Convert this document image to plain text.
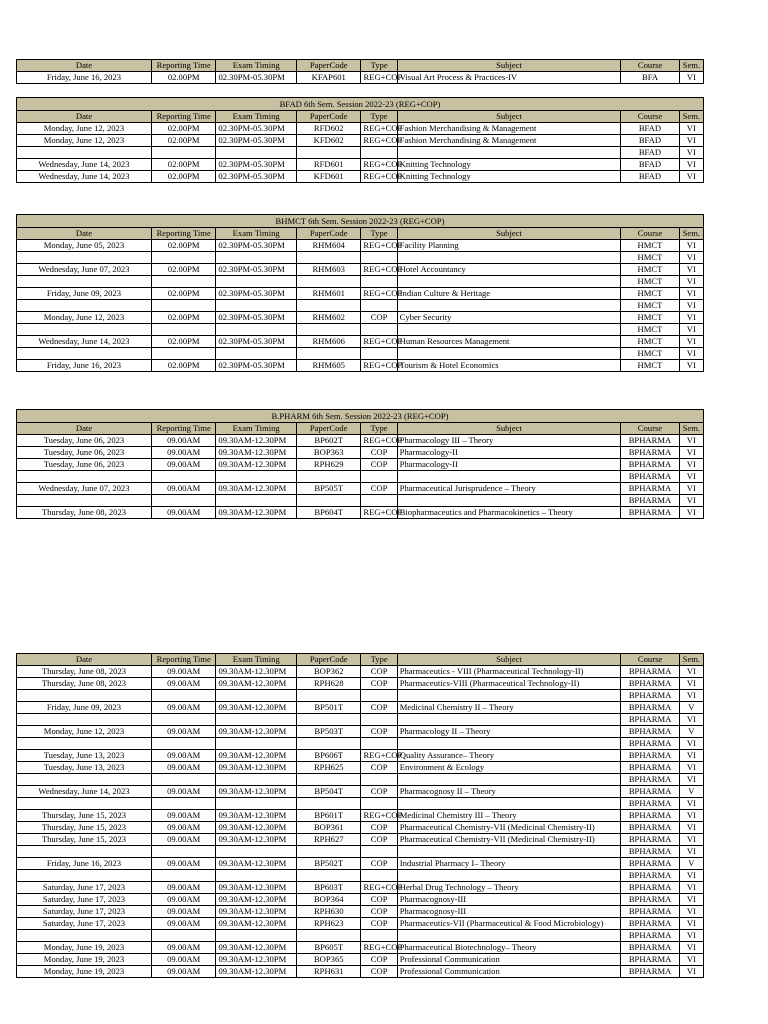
Date	Reporting Time	Exam Timing	PaperCode	Type	Subject	Course	Sem.
Friday, June 16, 2023	02.00PM	02.30PM-05.30PM	KFAP601	REG+COP	Visual Art Process & Practices-IV	BFA	VI
BFAD 6th Sem. Session 2022-23 (REG+COP)							
Date	Reporting Time	Exam Timing	PaperCode	Type	Subject	Course	Sem.
Monday, June 12, 2023	02.00PM	02.30PM-05.30PM	RFD602	REG+COP	Fashion Merchandising & Management	BFAD	VI
Monday, June 12, 2023	02.00PM	02.30PM-05.30PM	KFD602	REG+COP	Fashion Merchandising & Management	BFAD	VI
						BFAD	VI
Wednesday, June 14, 2023	02.00PM	02.30PM-05.30PM	RFD601	REG+COP	Knitting Technology	BFAD	VI
Wednesday, June 14, 2023	02.00PM	02.30PM-05.30PM	KFD601	REG+COP	Knitting Technology	BFAD	VI
BHMCT 6th Sem. Session 2022-23 (REG+COP)							
Date	Reporting Time	Exam Timing	PaperCode	Type	Subject	Course	Sem.
Monday, June 05, 2023	02.00PM	02.30PM-05.30PM	RHM604	REG+COP	Facility Planning	HMCT	VI
						HMCT	VI
Wednesday, June 07, 2023	02.00PM	02.30PM-05.30PM	RHM603	REG+COP	Hotel Accountancy	HMCT	VI
						HMCT	VI
Friday, June 09, 2023	02.00PM	02.30PM-05.30PM	RHM601	REG+COP	Indian Culture & Heritage	HMCT	VI
						HMCT	VI
Monday, June 12, 2023	02.00PM	02.30PM-05.30PM	RHM602	COP	Cyber Security	HMCT	VI
						HMCT	VI
Wednesday, June 14, 2023	02.00PM	02.30PM-05.30PM	RHM606	REG+COP	Human Resources Management	HMCT	VI
						HMCT	VI
Friday, June 16, 2023	02.00PM	02.30PM-05.30PM	RHM605	REG+COP	Tourism & Hotel Economics	HMCT	VI
B.PHARM 6th Sem. Session 2022-23 (REG+COP)							
Date	Reporting Time	Exam Timing	PaperCode	Type	Subject	Course	Sem.
Tuesday, June 06, 2023	09.00AM	09.30AM-12.30PM	BP602T	REG+COP	Pharmacology III – Theory	BPHARMA	VI
Tuesday, June 06, 2023	09.00AM	09.30AM-12.30PM	BOP363	COP	Pharmacology-II	BPHARMA	VI
Tuesday, June 06, 2023	09.00AM	09.30AM-12.30PM	RPH629	COP	Pharmacology-II	BPHARMA	VI
						BPHARMA	VI
Wednesday, June 07, 2023	09.00AM	09.30AM-12.30PM	BP505T	COP	Pharmaceutical Jurisprudence – Theory	BPHARMA	VI
						BPHARMA	VI
Thursday, June 08, 2023	09.00AM	09.30AM-12.30PM	BP604T	REG+COP	Biopharmaceutics and Pharmacokinetics – Theory	BPHARMA	VI
Date	Reporting Time	Exam Timing	PaperCode	Type	Subject	Course	Sem.
Thursday, June 08, 2023	09.00AM	09.30AM-12.30PM	BOP362	COP	Pharmaceutics - VIII (Pharmaceutical Technology-II)	BPHARMA	VI
Thursday, June 08, 2023	09.00AM	09.30AM-12.30PM	RPH628	COP	Pharmaceutics-VIII (Pharmaceutical Technology-II)	BPHARMA	VI
						BPHARMA	VI
Friday, June 09, 2023	09.00AM	09.30AM-12.30PM	BP501T	COP	Medicinal Chemistry II – Theory	BPHARMA	V
						BPHARMA	VI
Monday, June 12, 2023	09.00AM	09.30AM-12.30PM	BP503T	COP	Pharmacology II – Theory	BPHARMA	V
						BPHARMA	VI
Tuesday, June 13, 2023	09.00AM	09.30AM-12.30PM	BP606T	REG+COP	Quality Assurance– Theory	BPHARMA	VI
Tuesday, June 13, 2023	09.00AM	09.30AM-12.30PM	RPH625	COP	Environment & Ecology	BPHARMA	VI
						BPHARMA	VI
Wednesday, June 14, 2023	09.00AM	09.30AM-12.30PM	BP504T	COP	Pharmacognosy II – Theory	BPHARMA	V
						BPHARMA	VI
Thursday, June 15, 2023	09.00AM	09.30AM-12.30PM	BP601T	REG+COP	Medicinal Chemistry III – Theory	BPHARMA	VI
Thursday, June 15, 2023	09.00AM	09.30AM-12.30PM	BOP361	COP	Pharmaceutical Chemistry-VII (Medicinal Chemistry-II)	BPHARMA	VI
Thursday, June 15, 2023	09.00AM	09.30AM-12.30PM	RPH627	COP	Pharmaceutical Chemistry-VII (Medicinal Chemistry-II)	BPHARMA	VI
						BPHARMA	VI
Friday, June 16, 2023	09.00AM	09.30AM-12.30PM	BP502T	COP	Industrial Pharmacy I– Theory	BPHARMA	V
						BPHARMA	VI
Saturday, June 17, 2023	09.00AM	09.30AM-12.30PM	BP603T	REG+COP	Herbal Drug Technology – Theory	BPHARMA	VI
Saturday, June 17, 2023	09.00AM	09.30AM-12.30PM	BOP364	COP	Pharmacognosy-III	BPHARMA	VI
Saturday, June 17, 2023	09.00AM	09.30AM-12.30PM	RPH630	COP	Pharmacognosy-III	BPHARMA	VI
Saturday, June 17, 2023	09.00AM	09.30AM-12.30PM	RPH623	COP	Pharmaceutics-VII (Pharmaceutical & Food Microbiology)	BPHARMA	VI
						BPHARMA	VI
Monday, June 19, 2023	09.00AM	09.30AM-12.30PM	BP605T	REG+COP	Pharmaceutical Biotechnology– Theory	BPHARMA	VI
Monday, June 19, 2023	09.00AM	09.30AM-12.30PM	BOP365	COP	Professional Communication	BPHARMA	VI
Monday, June 19, 2023	09.00AM	09.30AM-12.30PM	RPH631	COP	Professional Communication	BPHARMA	VI
